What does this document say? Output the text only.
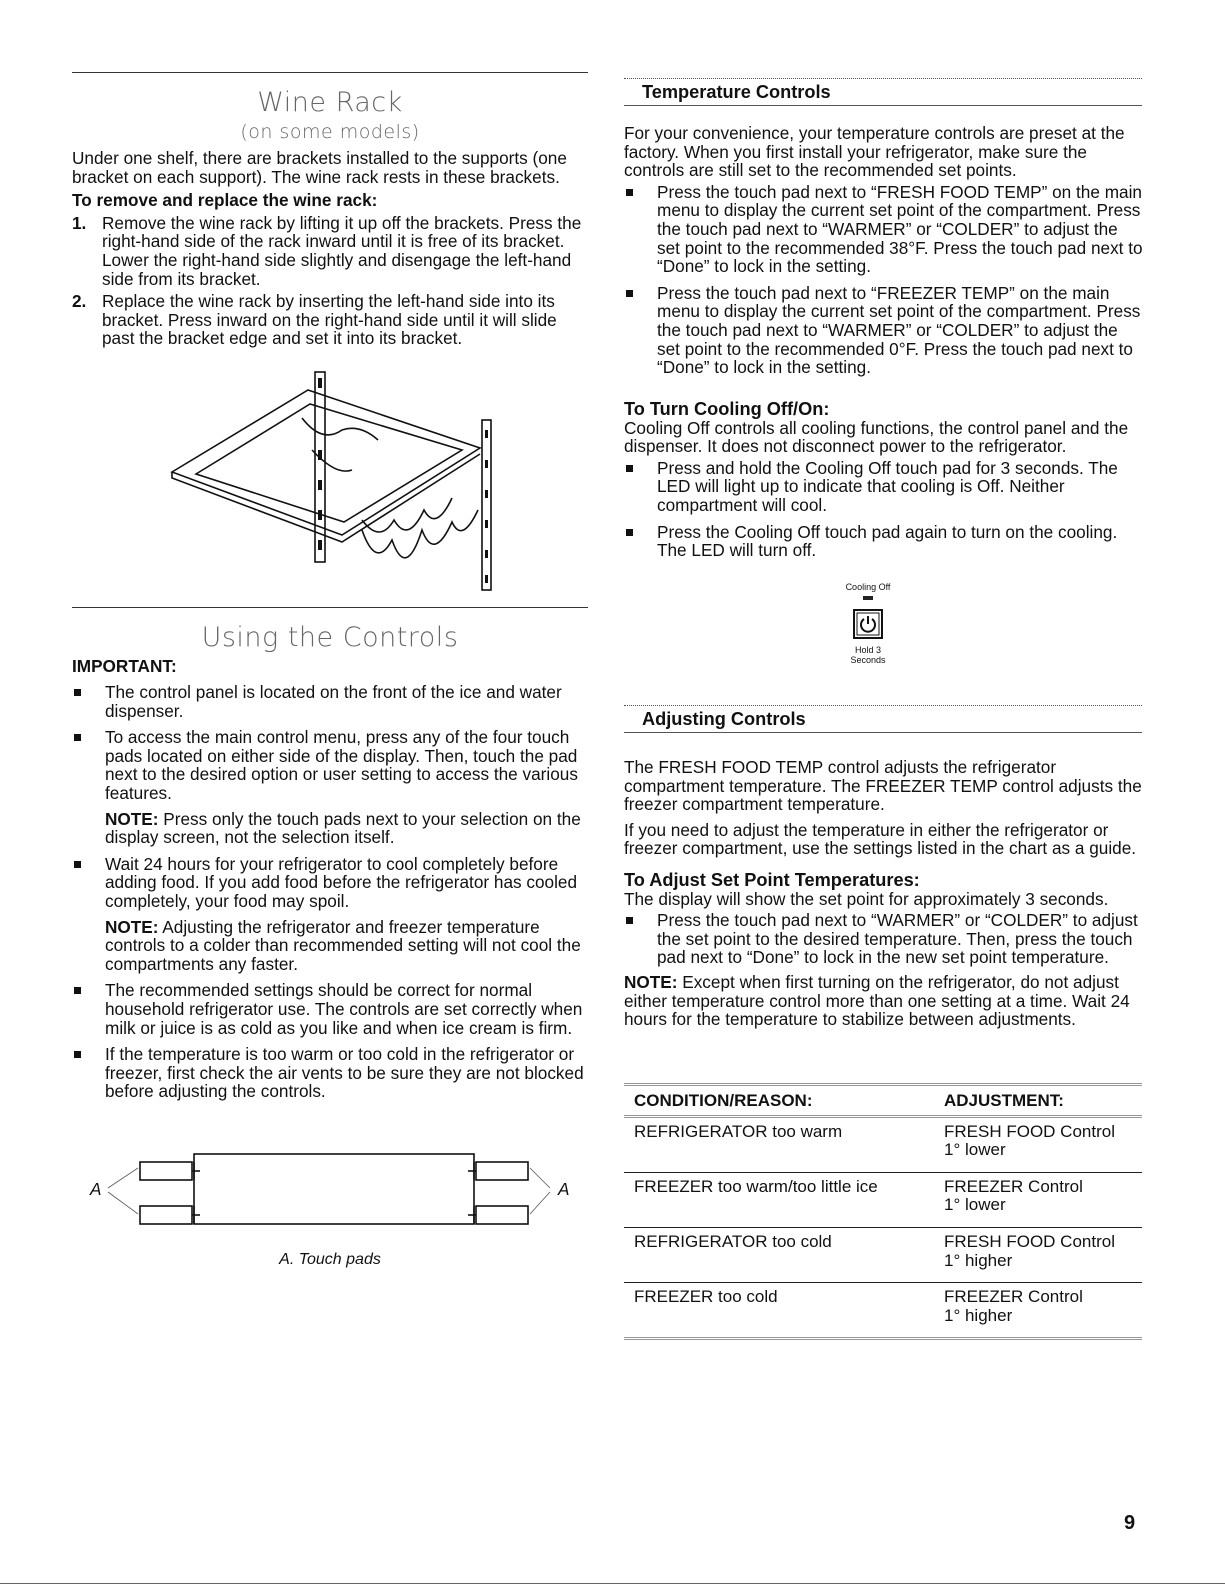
Wine Rack
(on some models)

Under one shelf, there are brackets installed to the supports (one bracket on each support). The wine rack rests in these brackets.

To remove and replace the wine rack:

1. Remove the wine rack by lifting it up off the brackets. Press the right-hand side of the rack inward until it is free of its bracket. Lower the right-hand side slightly and disengage the left-hand side from its bracket.
2. Replace the wine rack by inserting the left-hand side into its bracket. Press inward on the right-hand side until it will slide past the bracket edge and set it into its bracket.
Using the Controls
IMPORTANT:
The control panel is located on the front of the ice and water dispenser.
To access the main control menu, press any of the four touch pads located on either side of the display. Then, touch the pad next to the desired option or user setting to access the various features.

NOTE: Press only the touch pads next to your selection on the display screen, not the selection itself.

Wait 24 hours for your refrigerator to cool completely before adding food. If you add food before the refrigerator has cooled completely, your food may spoil.

NOTE: Adjusting the refrigerator and freezer temperature controls to a colder than recommended setting will not cool the compartments any faster.

The recommended settings should be correct for normal household refrigerator use. The controls are set correctly when milk or juice is as cold as you like and when ice cream is firm.
If the temperature is too warm or too cold in the refrigerator or freezer, first check the air vents to be sure they are not blocked before adjusting the controls.
A	A
A. Touch pads
Temperature Controls

For your convenience, your temperature controls are preset at the factory. When you first install your refrigerator, make sure the controls are still set to the recommended set points.

Press the touch pad next to “FRESH FOOD TEMP” on the main menu to display the current set point of the compartment. Press the touch pad next to “WARMER” or “COLDER” to adjust the set point to the recommended 38°F. Press the touch pad next to “Done” to lock in the setting.
Press the touch pad next to “FREEZER TEMP” on the main menu to display the current set point of the compartment. Press the touch pad next to “WARMER” or “COLDER” to adjust the set point to the recommended 0°F. Press the touch pad next to “Done” to lock in the setting.

To Turn Cooling Off/On:

Cooling Off controls all cooling functions, the control panel and the dispenser. It does not disconnect power to the refrigerator.

Press and hold the Cooling Off touch pad for 3 seconds. The LED will light up to indicate that cooling is Off. Neither compartment will cool.
Press the Cooling Off touch pad again to turn on the cooling. The LED will turn off.
Cooling Off
Hold 3
Seconds
Adjusting Controls

The FRESH FOOD TEMP control adjusts the refrigerator compartment temperature. The FREEZER TEMP control adjusts the freezer compartment temperature.

If you need to adjust the temperature in either the refrigerator or freezer compartment, use the settings listed in the chart as a guide.

To Adjust Set Point Temperatures:

The display will show the set point for approximately 3 seconds.

Press the touch pad next to “WARMER” or “COLDER” to adjust the set point to the desired temperature. Then, press the touch pad next to “Done” to lock in the new set point temperature.

NOTE: Except when first turning on the refrigerator, do not adjust either temperature control more than one setting at a time. Wait 24 hours for the temperature to stabilize between adjustments.

CONDITION/REASON:	ADJUSTMENT:
REFRIGERATOR too warm	FRESH FOOD Control
1° lower

FREEZER too warm/too little ice	FREEZER Control
1° lower

REFRIGERATOR too cold	FRESH FOOD Control
1° higher

FREEZER too cold	FREEZER Control
1° higher
9
